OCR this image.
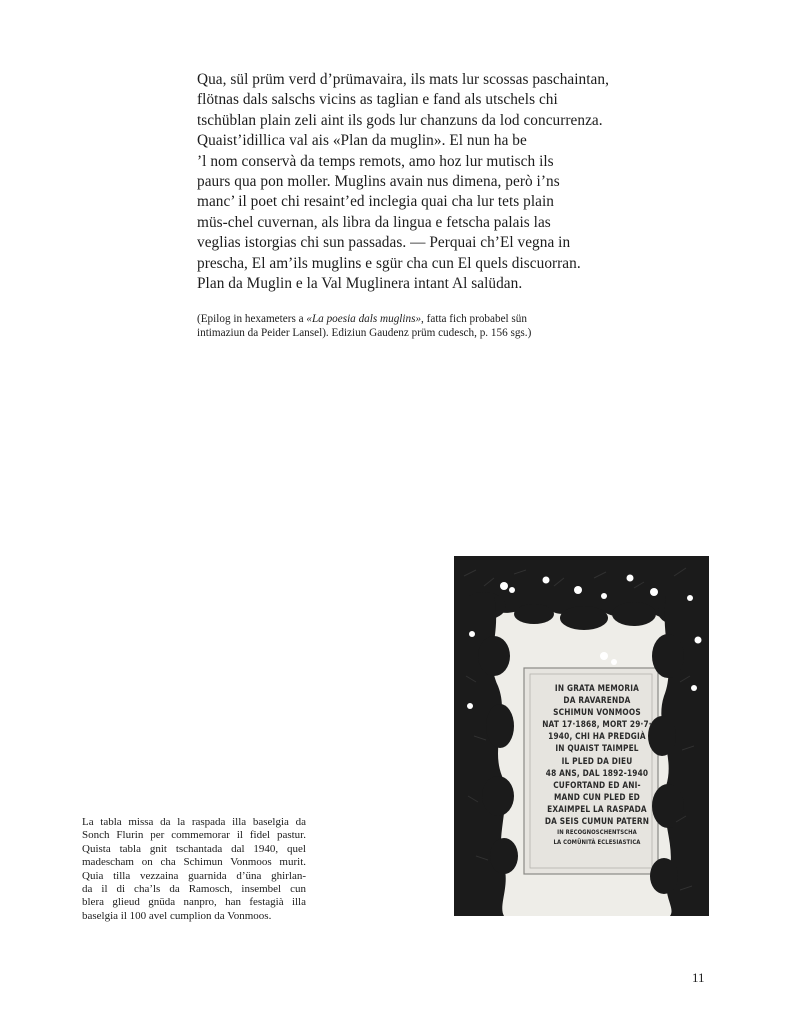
Qua, sül prüm verd d’prümavaira, ils mats lur scossas paschaintan,
flötnas dals salschs vicins as taglian e fand als utschels chi
tschüblan plain zeli aint ils gods lur chanzuns da lod concurrenza.
Quaist’idillica val ais «Plan da muglin». El nun ha be
’l nom conservà da temps remots, amo hoz lur mutisch ils
paurs qua pon moller. Muglins avain nus dimena, però i’ns
manc’ il poet chi resaint’ed inclegia quai cha lur tets plain
müs-chel cuvernan, als libra da lingua e fetscha palais las
veglias istorgias chi sun passadas. — Perquai ch’El vegna in
prescha, El am’ils muglins e sgür cha cun El quels discuorran.
Plan da Muglin e la Val Muglinera intant Al salüdan.
(Epilog in hexameters a «La poesia dals muglins», fatta fich probabel sün
intimaziun da Peider Lansel). Ediziun Gaudenz prüm cudesch, p. 156 sgs.)
La tabla missa da la raspada illa baselgia da
Sonch Flurin per commemorar il fidel pastur.
Quista tabla gnit tschantada dal 1940, quel
madescham on cha Schimun Vonmoos murit.
Quia tilla vezzaina guarnida d’üna ghirlan-
da il di cha’ls da Ramosch, insembel cun
blera glieud gnüda nanpro, han festagià illa
baselgia il 100 avel cumplion da Vonmoos.
IN GRATA MEMORIA
DA RAVARENDA
SCHIMUN VONMOOS
NAT 17·1868, MORT 29·7·
1940, CHI HA PREDGIÀ
IN QUAIST TAIMPEL
IL PLED DA DIEU
48 ANS, DAL 1892-1940
CUFORTAND ED ANI-
MAND CUN PLED ED
EXAIMPEL LA RASPADA
DA SEIS CUMUN PATERN
IN RECOGNOSCHENTSCHA
LA COMÜNITÀ ECLESIASTICA
11
